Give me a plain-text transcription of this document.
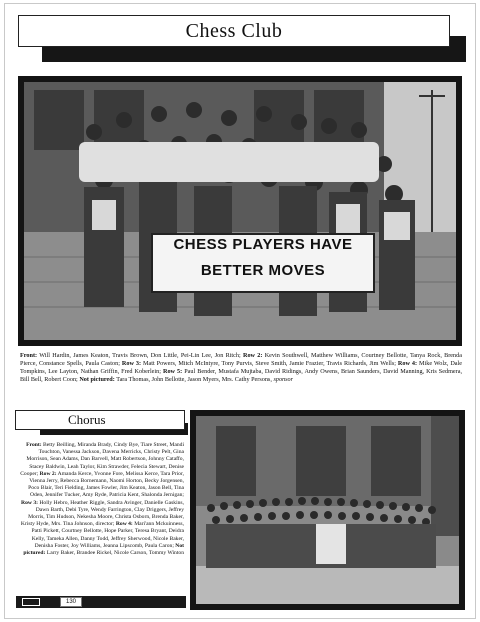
Chess Club
CHESS PLAYERS HAVE
BETTER MOVES

Front: Will Hardin, James Keaton, Travis Brown, Don Little, Pei-Lin Lee, Jon Ritch; Row 2: Kevin Southwell, Matthew Williams, Courtney Bellotte, Tanya Rock, Brenda Pierce, Constance Spells, Paula Caston; Row 3: Matt Powers, Mitch McIntyre, Tony Purvis, Steve Smith, Jamie Frazier, Travis Richards, Jim Wells; Row 4: Mike Wolz, Dale Tompkins, Lee Layton, Nathan Griffin, Fred Koberlein; Row 5: Paul Bender, Mustafa Mujtaba, David Ridings, Andy Owens, Brian Saunders, David Manning, Kris Sedmera, Bill Bell, Robert Coon; Not pictured: Tara Thomas, John Bellotte, Jason Myers, Mrs. Cathy Persons, sponsor

Chorus

Front: Betty Beilling, Miranda Brady, Cindy Bye, Tiare Street, Mandi Touchton, Vanessa Jackson, Davena Merricks, Christy Pelt, Gina Morrison, Sean Adams, Dan Barvell, Matt Robertson, Johnny Cataffo, Stacey Baldwin, Leah Taylor, Kim Strawder, Felecia Stewart, Denise Cooper; Row 2: Amanda Kerce, Yvonne Fore, Melissa Kerce, Tara Prior, Vienna Jerry, Rebecca Bornemann, Naomi Horton, Becky Jorgensen, Poco Blair, Teri Fielding, James Fowler, Jim Keaton, Jason Bell, Tina Oden, Jennifer Tucker, Amy Ryde, Patricia Kent, Shalonda Jernigan; Row 3: Holly Hebro, Heather Riggle, Sandra Avinger, Danielle Gaskins, Dawn Barth, Debi Tyre, Wendy Farrington, Clay Driggers, Jeffrey Morris, Tim Hudson, Nekesha Moore, Christa Osborn, Brenda Baker, Kristy Hyde, Mrs. Tina Johnson, director; Row 4: Mari'ann Mckuinness, Patti Pickett, Courtney Bellotte, Hope Parker, Teresa Bryant, Deidra Kelly, Tameka Allen, Danny Todd, Jeffrey Sherwood, Nicole Baker, Denisha Foster, Joy Williams, Jeanna Lipscomb, Paula Caron; Not pictured: Larry Baker, Brandee Rickel, Nicole Carson, Tommy Winton

130
